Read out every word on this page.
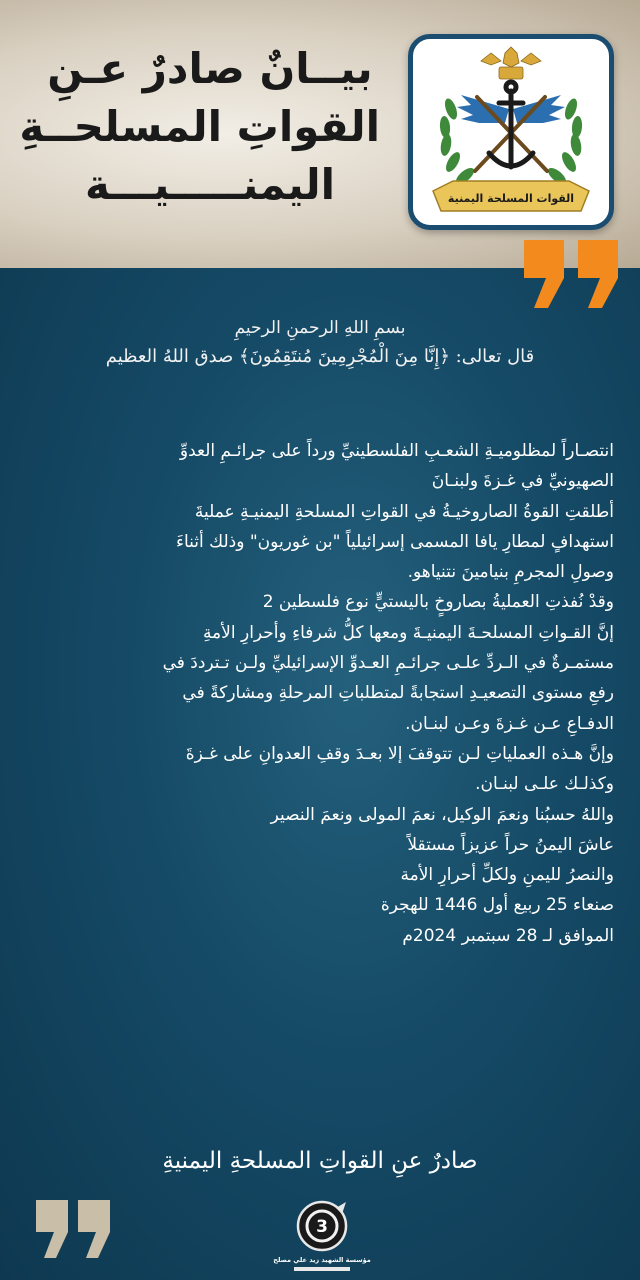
بيــانٌ صادرٌ عـنِ
القواتِ المسلحــةِ
اليمنـــــيـــة	القوات المسلحة اليمنية
بسمِ اللهِ الرحمنِ الرحيمِ
قال تعالى: ﴿إِنَّا مِنَ الْمُجْرِمِينَ مُنتَقِمُونَ﴾ صدق اللهُ العظيم

انتصـاراً لمظلوميـةِ الشعـبِ الفلسطينيِّ ورداً على جرائـمِ العدوِّ

الصهيونيِّ في غـزةَ ولبنـانَ

أطلقتِ القوةُ الصاروخيـةُ في القواتِ المسلحةِ اليمنيـةِ عمليةَ

استهدافٍ لمطارِ يافا المسمى إسرائيلياً "بن غوريون" وذلك أثناءَ

وصولِ المجرمِ بنيامينَ نتنياهو.

وقدْ نُفذتِ العمليةُ بصاروخٍ باليستيٍّ نوع فلسطين 2

إنَّ القـواتِ المسلحـةَ اليمنيـةَ ومعها كلُّ شرفاءِ وأحرارِ الأمةِ

مستمـرةٌ في الـردِّ علـى جرائـمِ العـدوِّ الإسرائيليِّ ولـن تـترددَ في

رفعِ مستوى التصعيـدِ استجابةً لمتطلباتِ المرحلةِ ومشاركةً في

الدفـاعِ عـن غـزةَ وعـن لبنـان.

وإنَّ هـذه العملياتِ لـن تتوقفَ إلا بعـدَ وقفِ العدوانِ على غـزةَ

وكذلـك علـى لبنـان.

واللهُ حسبُنا ونعمَ الوكيل، نعمَ المولى ونعمَ النصير

عاشَ اليمنُ حراً عزيزاً مستقلاً

والنصرُ لليمنِ ولكلِّ أحرارِ الأمة

صنعاء 25 ربيع أول 1446 للهجرة

الموافق لـ 28 سبتمبر 2024م

صادرٌ عنِ القواتِ المسلحةِ اليمنيةِ
3
مؤسسة الشهيد زيد علي مصلح
